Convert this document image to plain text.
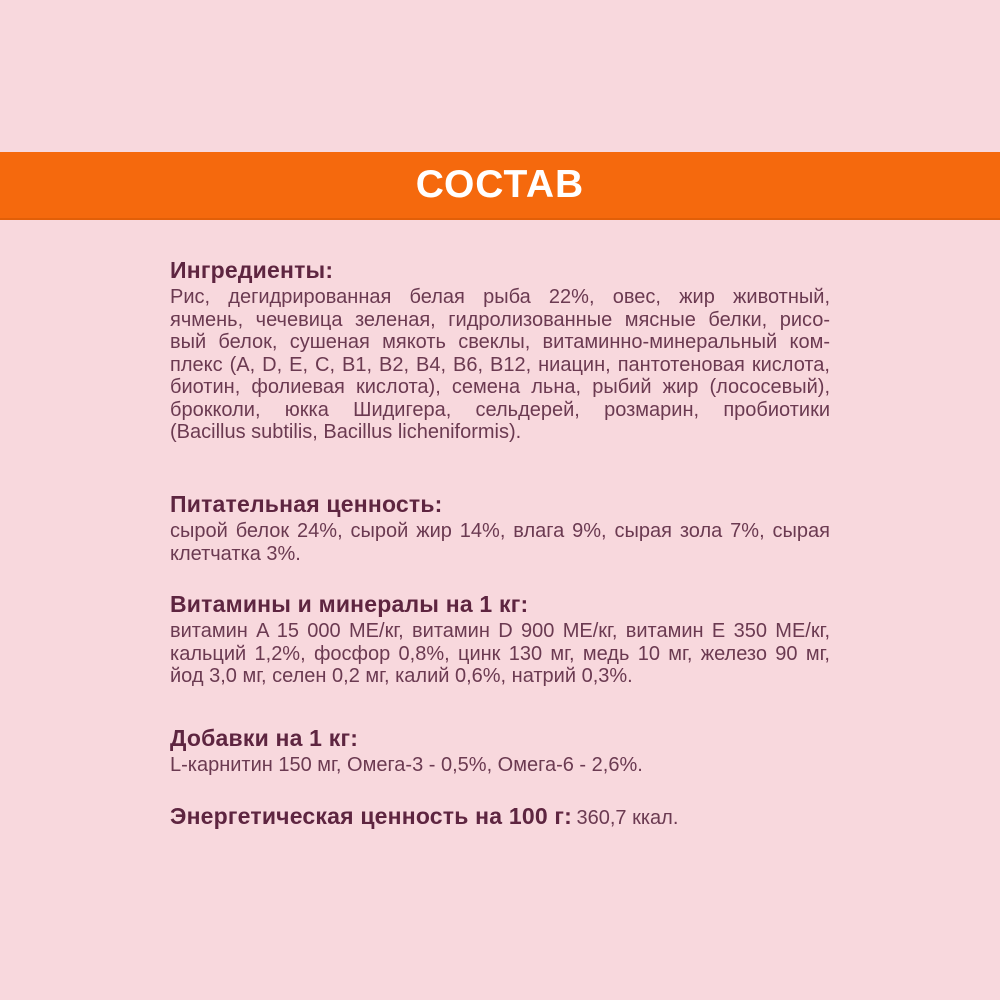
СОСТАВ
Ингредиенты:
Рис, дегидрированная белая рыба 22%, овес, жир животный,
ячмень, чечевица зеленая, гидролизованные мясные белки, рисо-
вый белок, сушеная мякоть свеклы, витаминно-минеральный ком-
плекс (A, D, E, C, B1, B2, B4, B6, B12, ниацин, пантотеновая кислота,
биотин, фолиевая кислота), семена льна, рыбий жир (лососевый),
брокколи, юкка Шидигера, сельдерей, розмарин, пробиотики
(Bacillus subtilis, Bacillus licheniformis).
Питательная ценность:
сырой белок 24%, сырой жир 14%, влага 9%, сырая зола 7%, сырая
клетчатка 3%.
Витамины и минералы на 1 кг:
витамин A 15 000 МЕ/кг, витамин D 900 МЕ/кг, витамин E 350 МЕ/кг,
кальций 1,2%, фосфор 0,8%, цинк 130 мг, медь 10 мг, железо 90 мг,
йод 3,0 мг, селен 0,2 мг, калий 0,6%, натрий 0,3%.
Добавки на 1 кг:
L-карнитин 150 мг, Омега-3 - 0,5%, Омега-6 - 2,6%.
Энергетическая ценность на 100 г: 360,7 ккал.
